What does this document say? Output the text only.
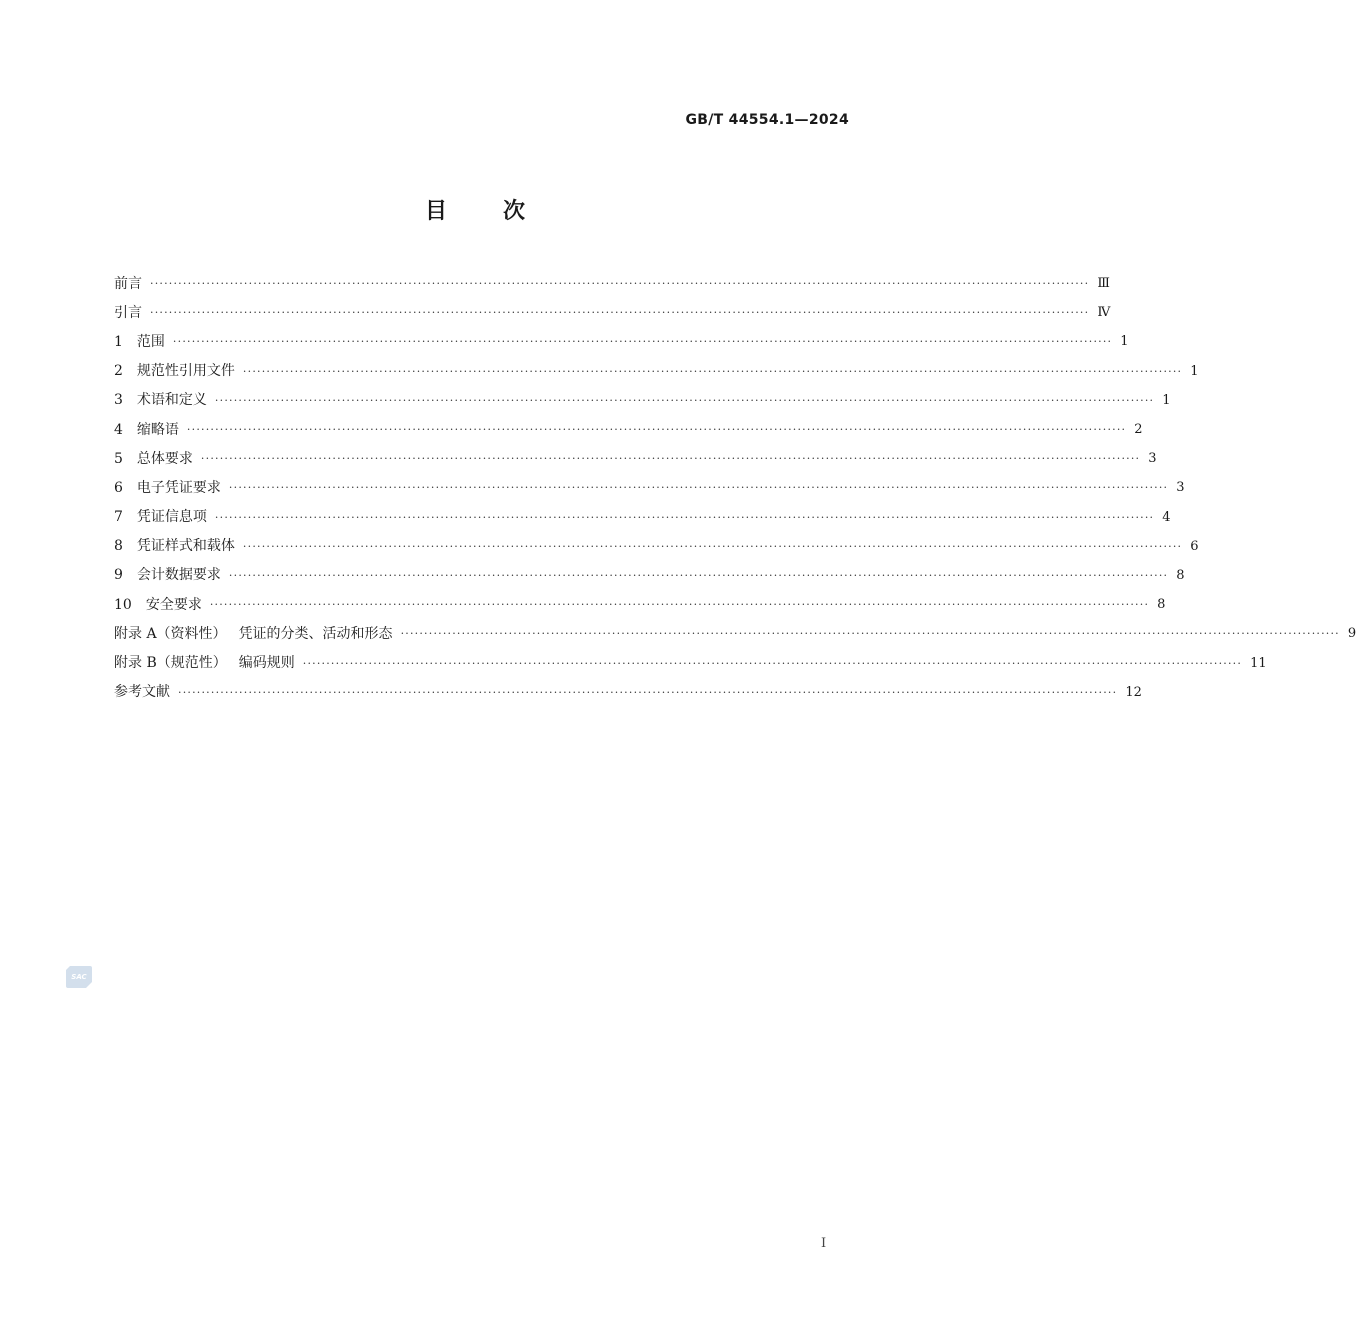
GB/T 44554.1—2024
目	次
前言 ········································································································································································································ Ⅲ
引言 ········································································································································································································ Ⅳ
1 范围 ········································································································································································································ 1
2 规范性引用文件 ········································································································································································································ 1
3 术语和定义 ········································································································································································································ 1
4 缩略语 ········································································································································································································ 2
5 总体要求 ········································································································································································································ 3
6 电子凭证要求 ········································································································································································································ 3
7 凭证信息项 ········································································································································································································ 4
8 凭证样式和载体 ········································································································································································································ 6
9 会计数据要求 ········································································································································································································ 8
10 安全要求 ········································································································································································································ 8
附录 A（资料性） 凭证的分类、活动和形态 ········································································································································································································ 9
附录 B（规范性） 编码规则 ········································································································································································································ 11
参考文献 ········································································································································································································ 12
SAC
Ⅰ
